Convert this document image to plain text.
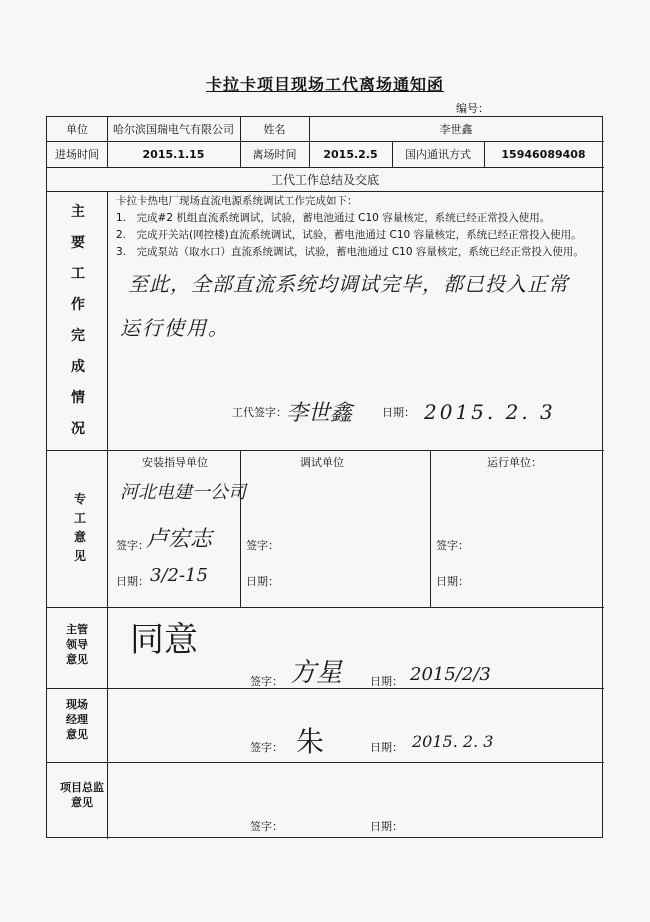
卡拉卡项目现场工代离场通知函
编号：
单位	哈尔滨国瑞电气有限公司	姓名	李世鑫
进场时间	2015.1.15	离场时间	2015.2.5	国内通讯方式	15946089408
工代工作总结及交底
主
要
工
作
完
成
情
况
卡拉卡热电厂现场直流电源系统调试工作完成如下：
1.　完成#2 机组直流系统调试，试验，蓄电池通过 C10 容量核定，系统已经正常投入使用。
2.　完成开关站(网控楼)直流系统调试，试验，蓄电池通过 C10 容量核定，系统已经正常投入使用。
3.　完成泵站（取水口）直流系统调试，试验，蓄电池通过 C10 容量核定，系统已经正常投入使用。
至此，全部直流系统均调试完毕，都已投入正常
运行使用。
工代签字： 李世鑫	日期： 2015. 2. 3
专
工
意
见
安装指导单位	调试单位	运行单位：
河北电建一公司
签字：
卢宏志	签字：	签字：
日期： 3/2-15	日期：	日期：
主管
领导
意见 同意
签字： 方星	日期： 2015/2/3
现场
经理
意见
签字： 朱	日期： 2015. 2. 3
项目总监
意见
签字：	日期：
